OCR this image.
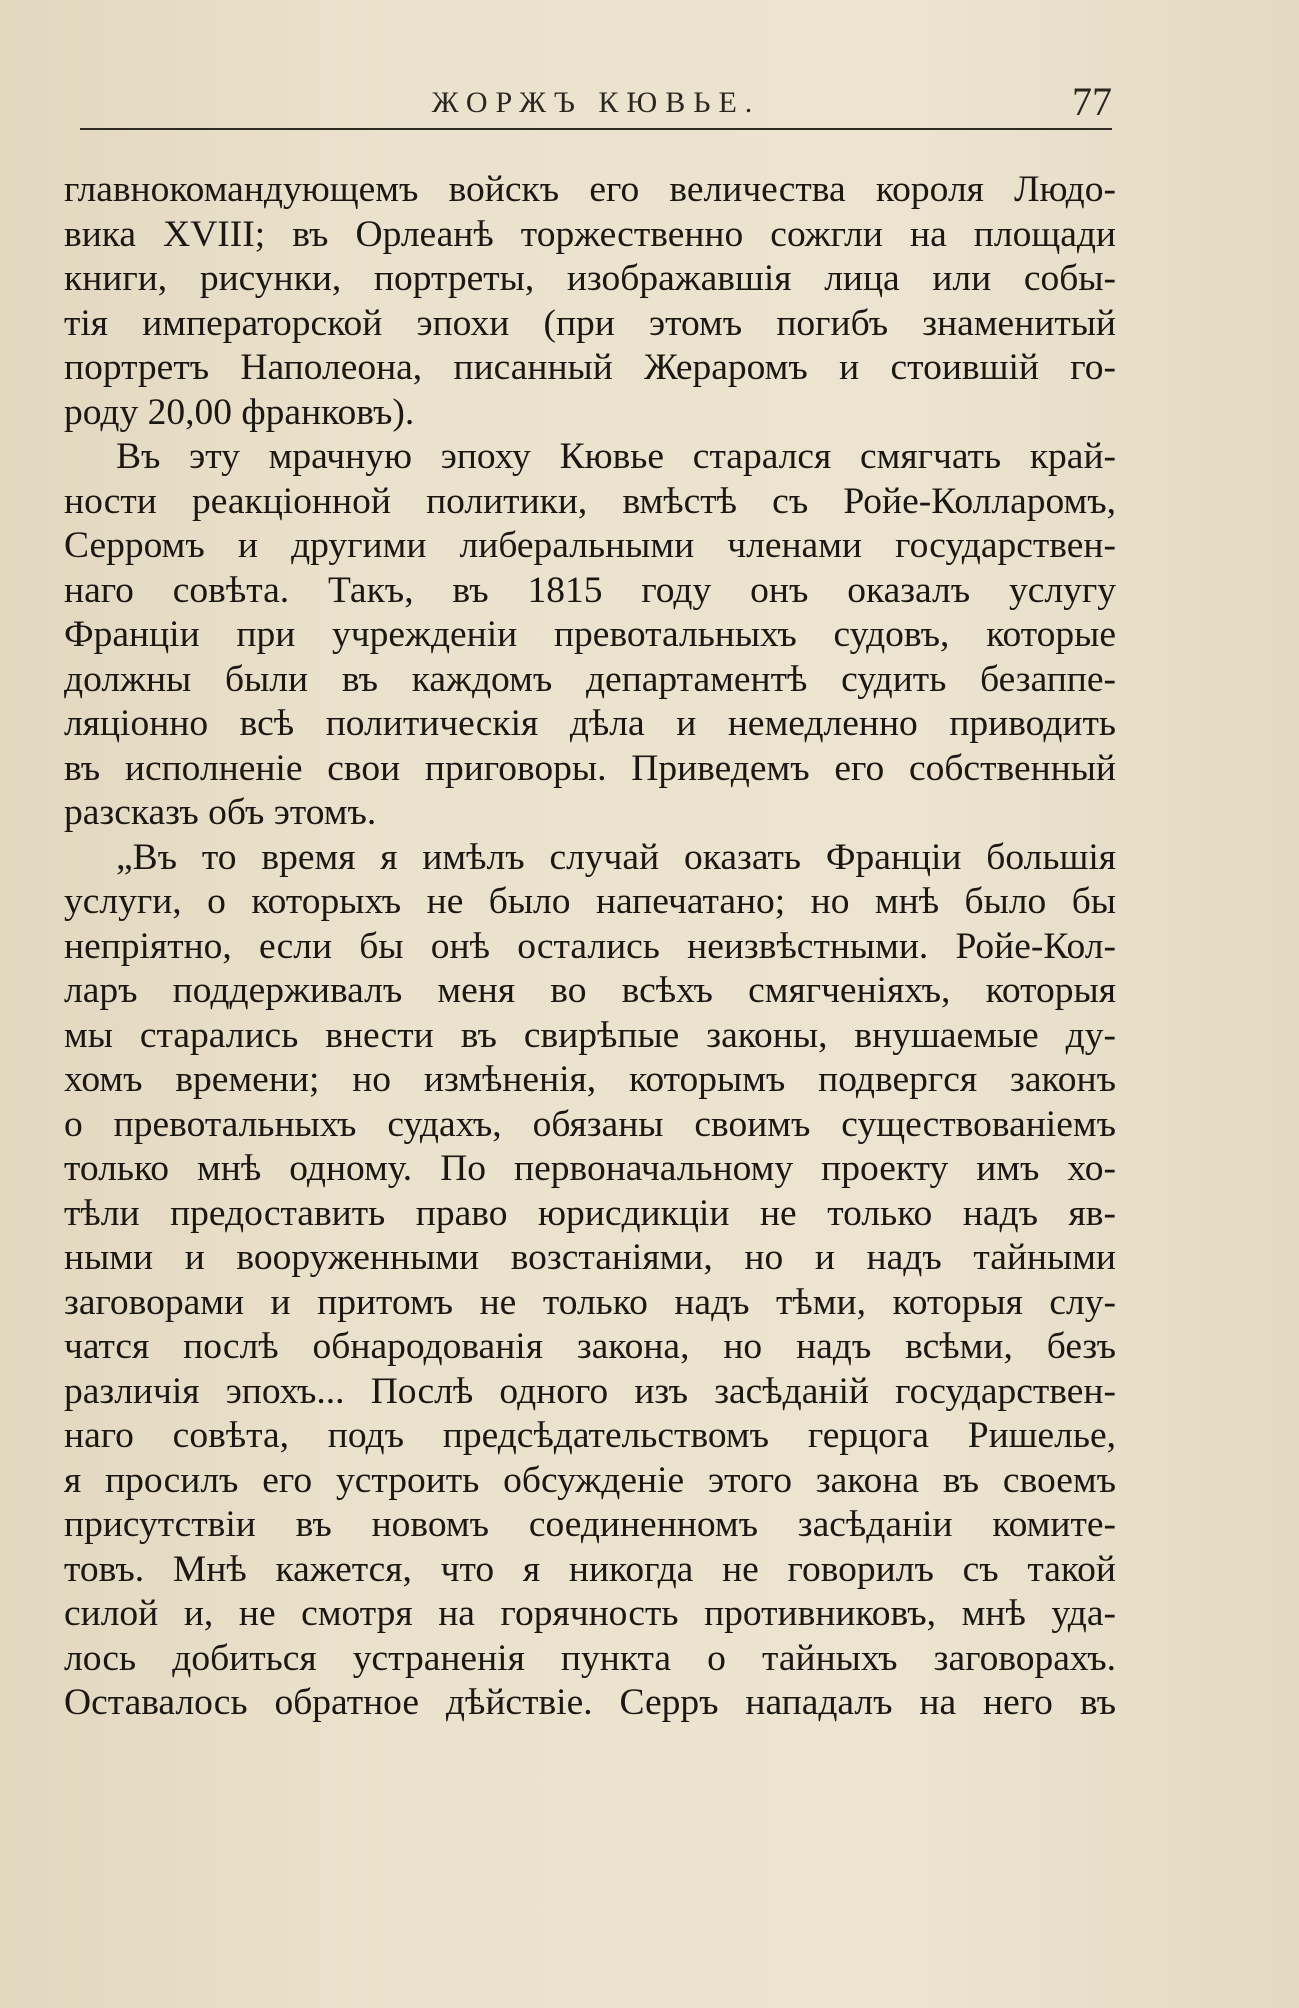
ЖОРЖЪ КЮВЬЕ.	77
главнокомандующемъ войскъ его величества короля Людо-
вика XVIII; въ Орлеанѣ торжественно сожгли на площади
книги, рисунки, портреты, изображавшія лица или собы-
тія императорской эпохи (при этомъ погибъ знаменитый
портретъ Наполеона, писанный Жераромъ и стоившій го-
роду 20,00 франковъ).
Въ эту мрачную эпоху Кювье старался смягчать край-
ности реакціонной политики, вмѣстѣ съ Ройе-Колларомъ,
Серромъ и другими либеральными членами государствен-
наго совѣта. Такъ, въ 1815 году онъ оказалъ услугу
Франціи при учрежденіи превотальныхъ судовъ, которые
должны были въ каждомъ департаментѣ судить безаппе-
ляціонно всѣ политическія дѣла и немедленно приводить
въ исполненіе свои приговоры. Приведемъ его собственный
разсказъ объ этомъ.
„Въ то время я имѣлъ случай оказать Франціи большія
услуги, о которыхъ не было напечатано; но мнѣ было бы
непріятно, если бы онѣ остались неизвѣстными. Ройе-Кол-
ларъ поддерживалъ меня во всѣхъ смягченіяхъ, которыя
мы старались внести въ свирѣпые законы, внушаемые ду-
хомъ времени; но измѣненія, которымъ подвергся законъ
о превотальныхъ судахъ, обязаны своимъ существованіемъ
только мнѣ одному. По первоначальному проекту имъ хо-
тѣли предоставить право юрисдикціи не только надъ яв-
ными и вооруженными возстаніями, но и надъ тайными
заговорами и притомъ не только надъ тѣми, которыя слу-
чатся послѣ обнародованія закона, но надъ всѣми, безъ
различія эпохъ... Послѣ одного изъ засѣданій государствен-
наго совѣта, подъ предсѣдательствомъ герцога Ришелье,
я просилъ его устроить обсужденіе этого закона въ своемъ
присутствіи въ новомъ соединенномъ засѣданіи комите-
товъ. Мнѣ кажется, что я никогда не говорилъ съ такой
силой и, не смотря на горячность противниковъ, мнѣ уда-
лось добиться устраненія пункта о тайныхъ заговорахъ.
Оставалось обратное дѣйствіе. Серръ нападалъ на него въ
